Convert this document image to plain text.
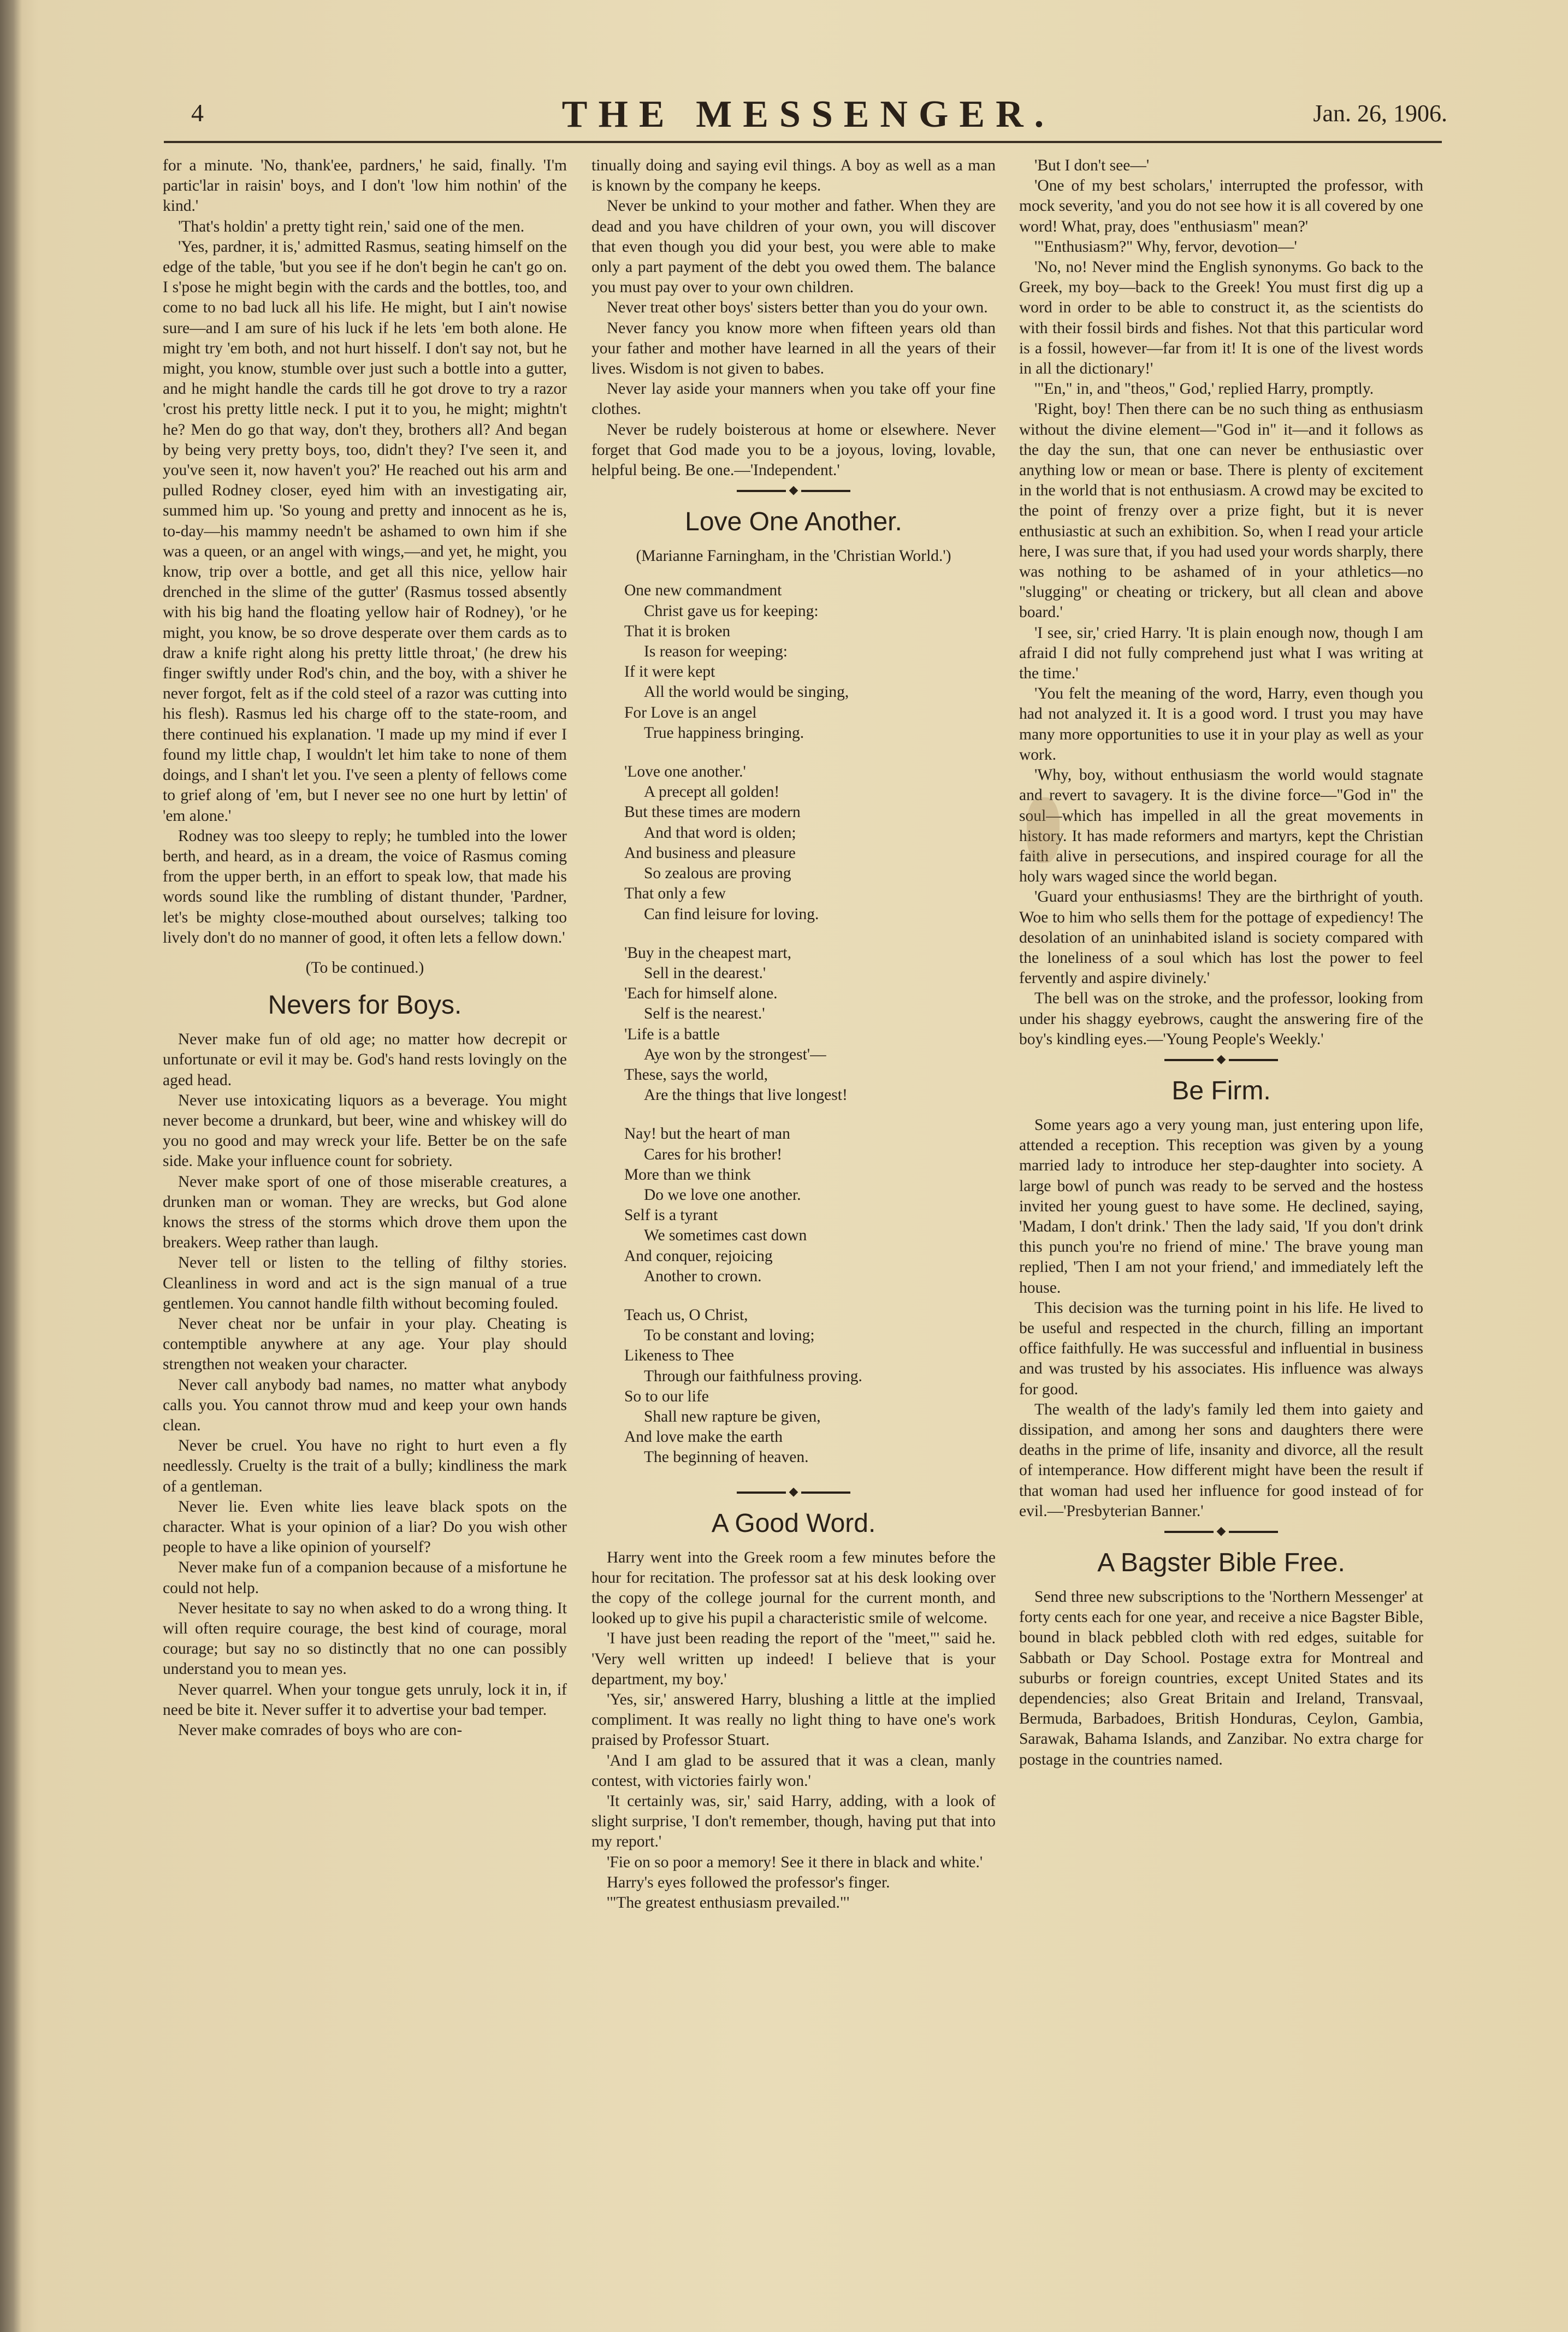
4	THE MESSENGER.	Jan. 26, 1906.

for a minute. 'No, thank'ee, pardners,' he said, finally. 'I'm partic'lar in raisin' boys, and I don't 'low him nothin' of the kind.'

'That's holdin' a pretty tight rein,' said one of the men.

'Yes, pardner, it is,' admitted Rasmus, seating himself on the edge of the table, 'but you see if he don't begin he can't go on. I s'pose he might begin with the cards and the bottles, too, and come to no bad luck all his life. He might, but I ain't nowise sure—and I am sure of his luck if he lets 'em both alone. He might try 'em both, and not hurt hisself. I don't say not, but he might, you know, stumble over just such a bottle into a gutter, and he might handle the cards till he got drove to try a razor 'crost his pretty little neck. I put it to you, he might; mightn't he? Men do go that way, don't they, brothers all? And began by being very pretty boys, too, didn't they? I've seen it, and you've seen it, now haven't you?' He reached out his arm and pulled Rodney closer, eyed him with an investigating air, summed him up. 'So young and pretty and innocent as he is, to-day—his mammy needn't be ashamed to own him if she was a queen, or an angel with wings,—and yet, he might, you know, trip over a bottle, and get all this nice, yellow hair drenched in the slime of the gutter' (Rasmus tossed absently with his big hand the floating yellow hair of Rodney), 'or he might, you know, be so drove desperate over them cards as to draw a knife right along his pretty little throat,' (he drew his finger swiftly under Rod's chin, and the boy, with a shiver he never forgot, felt as if the cold steel of a razor was cutting into his flesh). Rasmus led his charge off to the state-room, and there continued his explanation. 'I made up my mind if ever I found my little chap, I wouldn't let him take to none of them doings, and I shan't let you. I've seen a plenty of fellows come to grief along of 'em, but I never see no one hurt by lettin' of 'em alone.'

Rodney was too sleepy to reply; he tumbled into the lower berth, and heard, as in a dream, the voice of Rasmus coming from the upper berth, in an effort to speak low, that made his words sound like the rumbling of distant thunder, 'Pardner, let's be mighty close-mouthed about ourselves; talking too lively don't do no manner of good, it often lets a fellow down.'

(To be continued.)

Nevers for Boys.

Never make fun of old age; no matter how decrepit or unfortunate or evil it may be. God's hand rests lovingly on the aged head.

Never use intoxicating liquors as a beverage. You might never become a drunkard, but beer, wine and whiskey will do you no good and may wreck your life. Better be on the safe side. Make your influence count for sobriety.

Never make sport of one of those miserable creatures, a drunken man or woman. They are wrecks, but God alone knows the stress of the storms which drove them upon the breakers. Weep rather than laugh.

Never tell or listen to the telling of filthy stories. Cleanliness in word and act is the sign manual of a true gentlemen. You cannot handle filth without becoming fouled.

Never cheat nor be unfair in your play. Cheating is contemptible anywhere at any age. Your play should strengthen not weaken your character.

Never call anybody bad names, no matter what anybody calls you. You cannot throw mud and keep your own hands clean.

Never be cruel. You have no right to hurt even a fly needlessly. Cruelty is the trait of a bully; kindliness the mark of a gentleman.

Never lie. Even white lies leave black spots on the character. What is your opinion of a liar? Do you wish other people to have a like opinion of yourself?

Never make fun of a companion because of a misfortune he could not help.

Never hesitate to say no when asked to do a wrong thing. It will often require courage, the best kind of courage, moral courage; but say no so distinctly that no one can possibly understand you to mean yes.

Never quarrel. When your tongue gets unruly, lock it in, if need be bite it. Never suffer it to advertise your bad temper.

Never make comrades of boys who are con-

tinually doing and saying evil things. A boy as well as a man is known by the company he keeps.

Never be unkind to your mother and father. When they are dead and you have children of your own, you will discover that even though you did your best, you were able to make only a part payment of the debt you owed them. The balance you must pay over to your own children.

Never treat other boys' sisters better than you do your own.

Never fancy you know more when fifteen years old than your father and mother have learned in all the years of their lives. Wisdom is not given to babes.

Never lay aside your manners when you take off your fine clothes.

Never be rudely boisterous at home or elsewhere. Never forget that God made you to be a joyous, loving, lovable, helpful being. Be one.—'Independent.'

◆
Love One Another.

(Marianne Farningham, in the 'Christian World.')

One new commandment
Christ gave us for keeping:
That it is broken
Is reason for weeping:
If it were kept
All the world would be singing,
For Love is an angel
True happiness bringing.
'Love one another.'
A precept all golden!
But these times are modern
And that word is olden;
And business and pleasure
So zealous are proving
That only a few
Can find leisure for loving.
'Buy in the cheapest mart,
Sell in the dearest.'
'Each for himself alone.
Self is the nearest.'
'Life is a battle
Aye won by the strongest'—
These, says the world,
Are the things that live longest!
Nay! but the heart of man
Cares for his brother!
More than we think
Do we love one another.
Self is a tyrant
We sometimes cast down
And conquer, rejoicing
Another to crown.
Teach us, O Christ,
To be constant and loving;
Likeness to Thee
Through our faithfulness proving.
So to our life
Shall new rapture be given,
And love make the earth
The beginning of heaven.
◆
A Good Word.

Harry went into the Greek room a few minutes before the hour for recitation. The professor sat at his desk looking over the copy of the college journal for the current month, and looked up to give his pupil a characteristic smile of welcome.

'I have just been reading the report of the "meet,"' said he. 'Very well written up indeed! I believe that is your department, my boy.'

'Yes, sir,' answered Harry, blushing a little at the implied compliment. It was really no light thing to have one's work praised by Professor Stuart.

'And I am glad to be assured that it was a clean, manly contest, with victories fairly won.'

'It certainly was, sir,' said Harry, adding, with a look of slight surprise, 'I don't remember, though, having put that into my report.'

'Fie on so poor a memory! See it there in black and white.'

Harry's eyes followed the professor's finger.

'"The greatest enthusiasm prevailed."'

'But I don't see—'

'One of my best scholars,' interrupted the professor, with mock severity, 'and you do not see how it is all covered by one word! What, pray, does "enthusiasm" mean?'

'"Enthusiasm?" Why, fervor, devotion—'

'No, no! Never mind the English synonyms. Go back to the Greek, my boy—back to the Greek! You must first dig up a word in order to be able to construct it, as the scientists do with their fossil birds and fishes. Not that this particular word is a fossil, however—far from it! It is one of the livest words in all the dictionary!'

'"En," in, and "theos," God,' replied Harry, promptly.

'Right, boy! Then there can be no such thing as enthusiasm without the divine element—"God in" it—and it follows as the day the sun, that one can never be enthusiastic over anything low or mean or base. There is plenty of excitement in the world that is not enthusiasm. A crowd may be excited to the point of frenzy over a prize fight, but it is never enthusiastic at such an exhibition. So, when I read your article here, I was sure that, if you had used your words sharply, there was nothing to be ashamed of in your athletics—no "slugging" or cheating or trickery, but all clean and above board.'

'I see, sir,' cried Harry. 'It is plain enough now, though I am afraid I did not fully comprehend just what I was writing at the time.'

'You felt the meaning of the word, Harry, even though you had not analyzed it. It is a good word. I trust you may have many more opportunities to use it in your play as well as your work.

'Why, boy, without enthusiasm the world would stagnate and revert to savagery. It is the divine force—"God in" the soul—which has impelled in all the great movements in history. It has made reformers and martyrs, kept the Christian faith alive in persecutions, and inspired courage for all the holy wars waged since the world began.

'Guard your enthusiasms! They are the birthright of youth. Woe to him who sells them for the pottage of expediency! The desolation of an uninhabited island is society compared with the loneliness of a soul which has lost the power to feel fervently and aspire divinely.'

The bell was on the stroke, and the professor, looking from under his shaggy eyebrows, caught the answering fire of the boy's kindling eyes.—'Young People's Weekly.'

◆
Be Firm.

Some years ago a very young man, just entering upon life, attended a reception. This reception was given by a young married lady to introduce her step-daughter into society. A large bowl of punch was ready to be served and the hostess invited her young guest to have some. He declined, saying, 'Madam, I don't drink.' Then the lady said, 'If you don't drink this punch you're no friend of mine.' The brave young man replied, 'Then I am not your friend,' and immediately left the house.

This decision was the turning point in his life. He lived to be useful and respected in the church, filling an important office faithfully. He was successful and influential in business and was trusted by his associates. His influence was always for good.

The wealth of the lady's family led them into gaiety and dissipation, and among her sons and daughters there were deaths in the prime of life, insanity and divorce, all the result of intemperance. How different might have been the result if that woman had used her influence for good instead of for evil.—'Presbyterian Banner.'

◆
A Bagster Bible Free.

Send three new subscriptions to the 'Northern Messenger' at forty cents each for one year, and receive a nice Bagster Bible, bound in black pebbled cloth with red edges, suitable for Sabbath or Day School. Postage extra for Montreal and suburbs or foreign countries, except United States and its dependencies; also Great Britain and Ireland, Transvaal, Bermuda, Barbadoes, British Honduras, Ceylon, Gambia, Sarawak, Bahama Islands, and Zanzibar. No extra charge for postage in the countries named.
